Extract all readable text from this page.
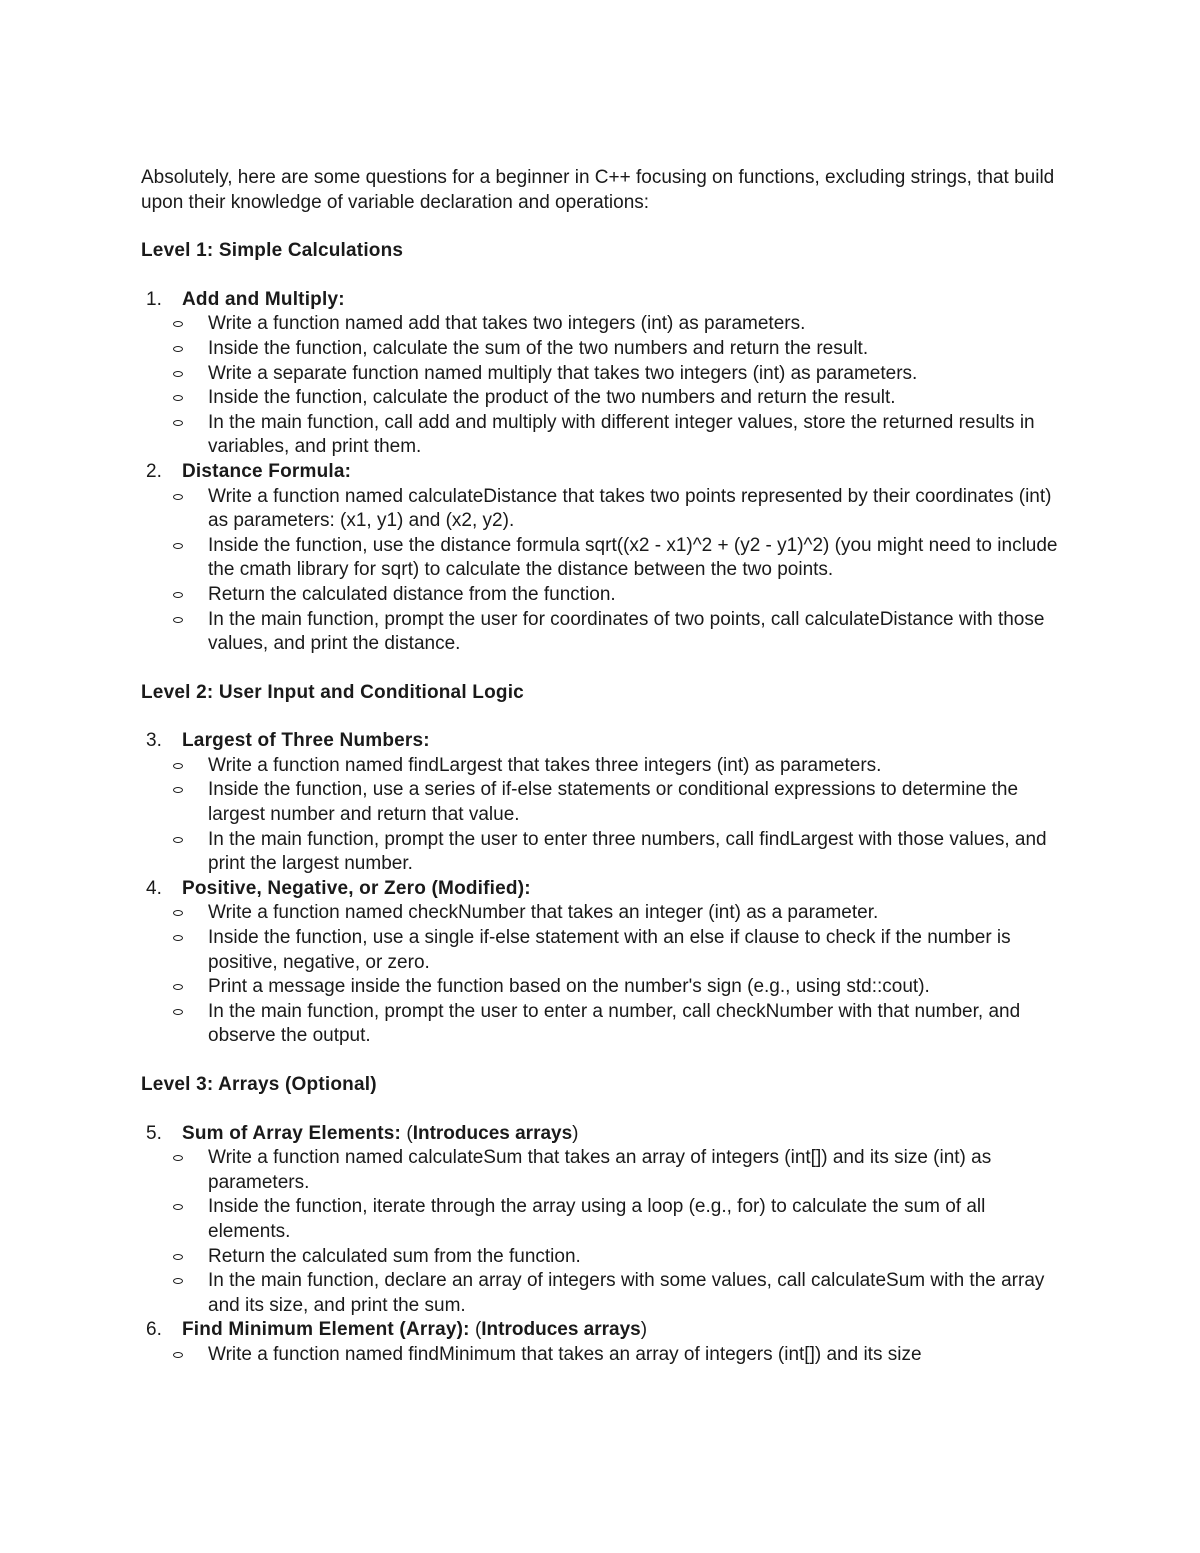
Absolutely, here are some questions for a beginner in C++ focusing on functions, excluding strings, that build upon their knowledge of variable declaration and operations:

Level 1: Simple Calculations
1. Add and Multiply:
Write a function named add that takes two integers (int) as parameters.
Inside the function, calculate the sum of the two numbers and return the result.
Write a separate function named multiply that takes two integers (int) as parameters.
Inside the function, calculate the product of the two numbers and return the result.
In the main function, call add and multiply with different integer values, store the returned results in variables, and print them.
2. Distance Formula:
Write a function named calculateDistance that takes two points represented by their coordinates (int) as parameters: (x1, y1) and (x2, y2).
Inside the function, use the distance formula sqrt((x2 - x1)^2 + (y2 - y1)^2) (you might need to include the cmath library for sqrt) to calculate the distance between the two points.
Return the calculated distance from the function.
In the main function, prompt the user for coordinates of two points, call calculateDistance with those values, and print the distance.
Level 2: User Input and Conditional Logic
3. Largest of Three Numbers:
Write a function named findLargest that takes three integers (int) as parameters.
Inside the function, use a series of if-else statements or conditional expressions to determine the largest number and return that value.
In the main function, prompt the user to enter three numbers, call findLargest with those values, and print the largest number.
4. Positive, Negative, or Zero (Modified):
Write a function named checkNumber that takes an integer (int) as a parameter.
Inside the function, use a single if-else statement with an else if clause to check if the number is positive, negative, or zero.
Print a message inside the function based on the number's sign (e.g., using std::cout).
In the main function, prompt the user to enter a number, call checkNumber with that number, and observe the output.
Level 3: Arrays (Optional)
5. Sum of Array Elements: (Introduces arrays)
Write a function named calculateSum that takes an array of integers (int[]) and its size (int) as parameters.
Inside the function, iterate through the array using a loop (e.g., for) to calculate the sum of all elements.
Return the calculated sum from the function.
In the main function, declare an array of integers with some values, call calculateSum with the array and its size, and print the sum.
6. Find Minimum Element (Array): (Introduces arrays)
Write a function named findMinimum that takes an array of integers (int[]) and its size
